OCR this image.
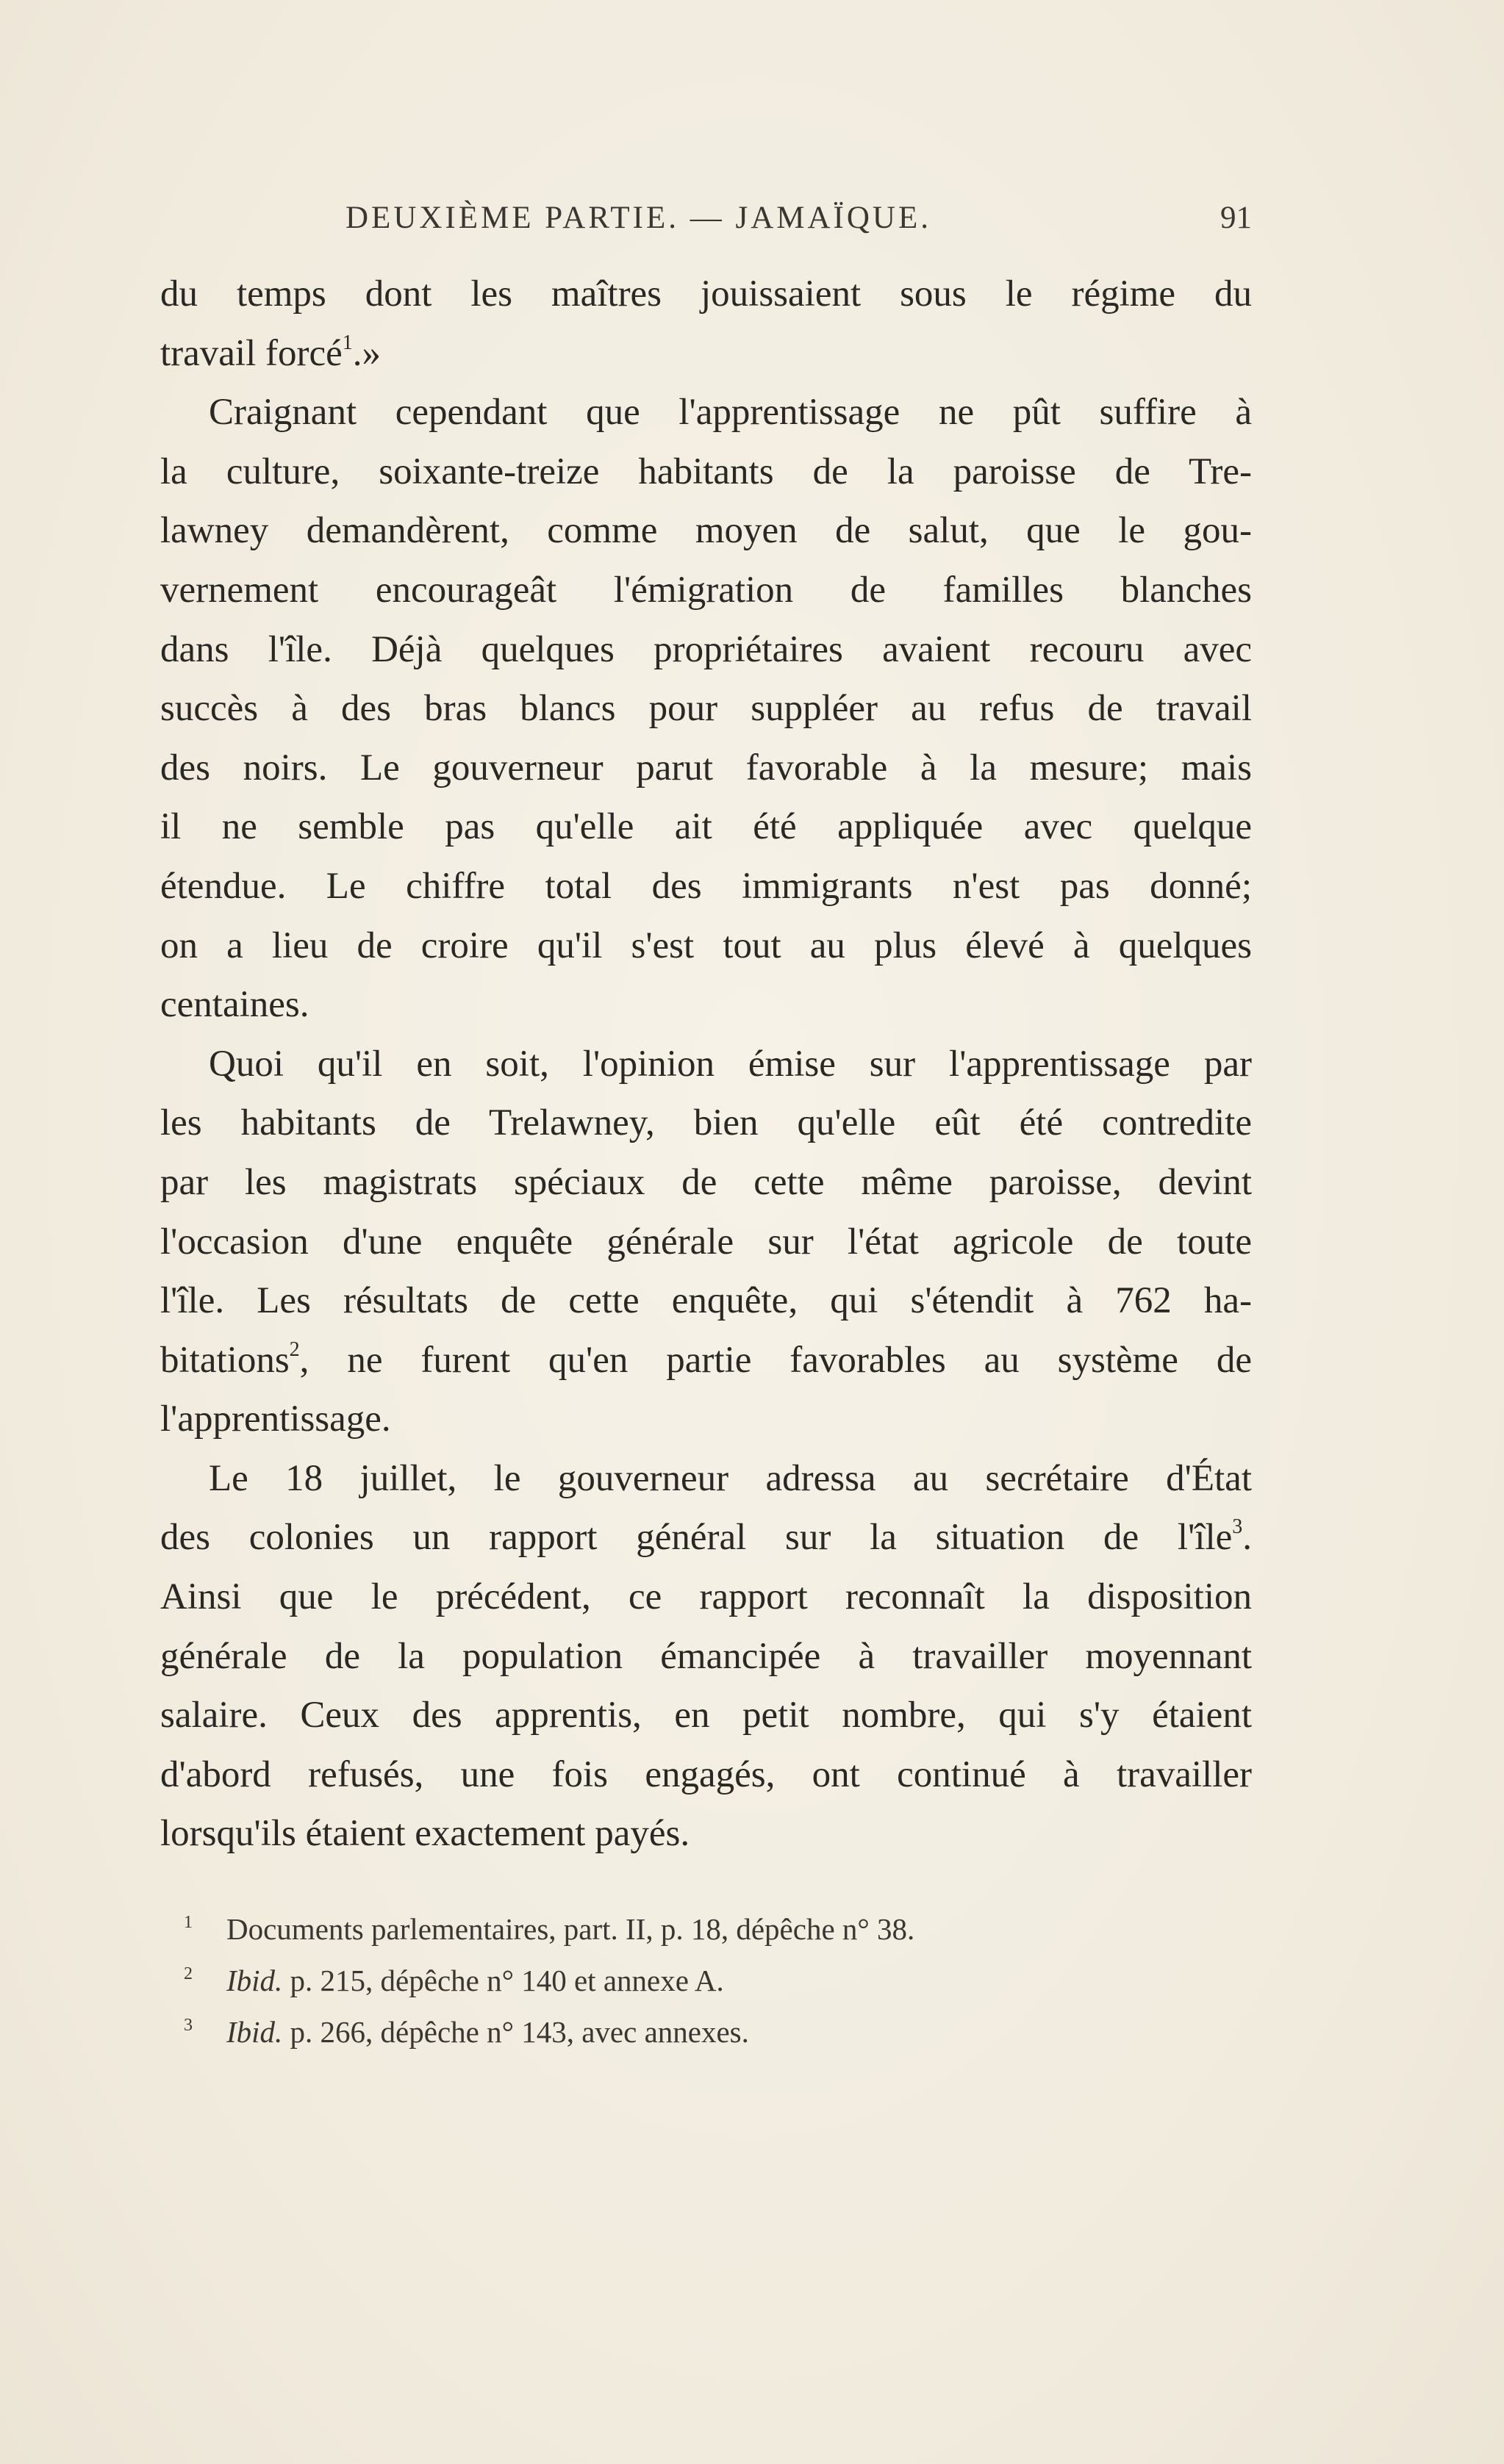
DEUXIÈME PARTIE. — JAMAÏQUE.	91
du temps dont les maîtres jouissaient sous le régime du
travail forcé$^1$.»
Craignant cependant que l'apprentissage ne pût suffire à
la culture, soixante-treize habitants de la paroisse de Tre-
lawney demandèrent, comme moyen de salut, que le gou-
vernement encourageât l'émigration de familles blanches
dans l'île. Déjà quelques propriétaires avaient recouru avec
succès à des bras blancs pour suppléer au refus de travail
des noirs. Le gouverneur parut favorable à la mesure; mais
il ne semble pas qu'elle ait été appliquée avec quelque
étendue. Le chiffre total des immigrants n'est pas donné;
on a lieu de croire qu'il s'est tout au plus élevé à quelques
centaines.
Quoi qu'il en soit, l'opinion émise sur l'apprentissage par
les habitants de Trelawney, bien qu'elle eût été contredite
par les magistrats spéciaux de cette même paroisse, devint
l'occasion d'une enquête générale sur l'état agricole de toute
l'île. Les résultats de cette enquête, qui s'étendit à 762 ha-
bitations$^2$, ne furent qu'en partie favorables au système de
l'apprentissage.
Le 18 juillet, le gouverneur adressa au secrétaire d'État
des colonies un rapport général sur la situation de l'île$^3$.
Ainsi que le précédent, ce rapport reconnaît la disposition
générale de la population émancipée à travailler moyennant
salaire. Ceux des apprentis, en petit nombre, qui s'y étaient
d'abord refusés, une fois engagés, ont continué à travailler
lorsqu'ils étaient exactement payés.
1 Documents parlementaires, part. II, p. 18, dépêche n° 38.
2 Ibid. p. 215, dépêche n° 140 et annexe A.
3 Ibid. p. 266, dépêche n° 143, avec annexes.
